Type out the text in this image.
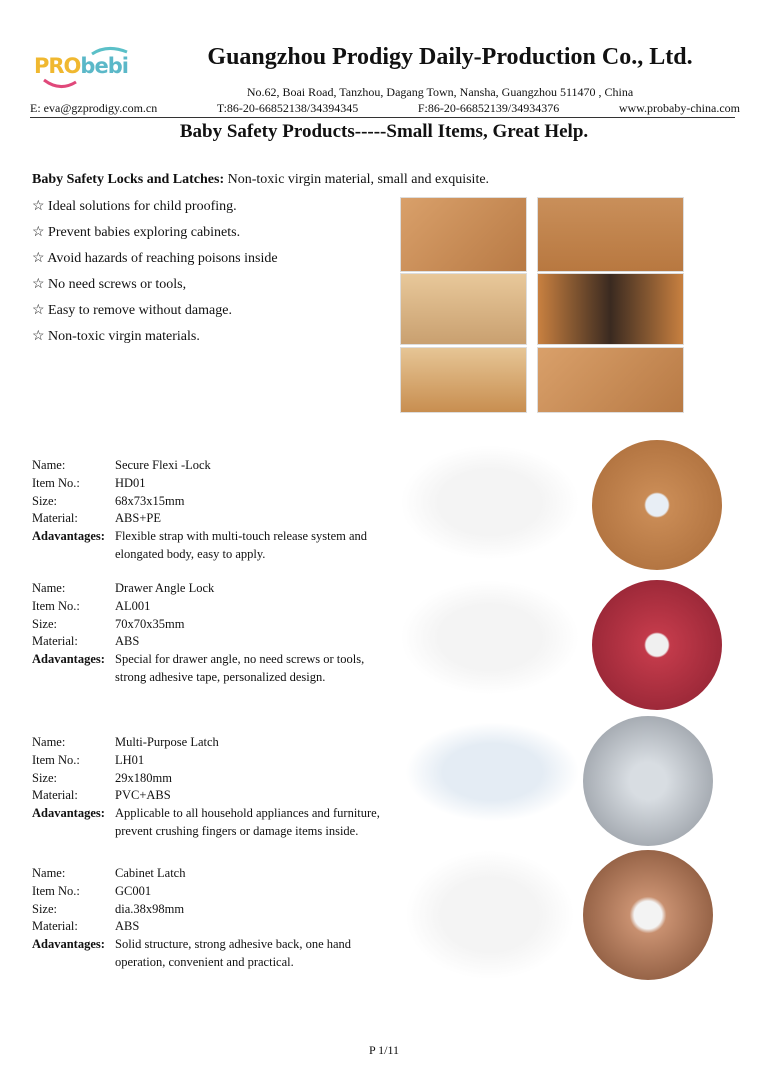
PRObebi	Guangzhou Prodigy Daily-Production Co., Ltd.
No.62, Boai Road, Tanzhou, Dagang Town, Nansha, Guangzhou 511470 , China
E: eva@gzprodigy.com.cn	T:86-20-66852138/34394345	F:86-20-66852139/34934376	www.probaby-china.com
Baby Safety Products-----Small Items, Great Help.
Baby Safety Locks and Latches: Non-toxic virgin material, small and exquisite.
☆ Ideal solutions for child proofing.
☆ Prevent babies exploring cabinets.
☆ Avoid hazards of reaching poisons inside
☆ No need screws or tools,
☆ Easy to remove without damage.
☆ Non-toxic virgin materials.
Name:	Secure Flexi -Lock
Item No.:	HD01
Size:	68x73x15mm
Material:	ABS+PE
Adavantages: Flexible strap with multi-touch release system and elongated body, easy to apply.
Name:	Drawer Angle Lock
Item No.:	AL001
Size:	70x70x35mm
Material:	ABS
Adavantages: Special for drawer angle, no need screws or tools, strong adhesive tape, personalized design.
Name:	Multi-Purpose Latch
Item No.:	LH01
Size:	29x180mm
Material:	PVC+ABS
Adavantages: Applicable to all household appliances and furniture, prevent crushing fingers or damage items inside.
Name:	Cabinet Latch
Item No.:	GC001
Size:	dia.38x98mm
Material:	ABS
Adavantages: Solid structure, strong adhesive back, one hand operation, convenient and practical.
P 1/11
